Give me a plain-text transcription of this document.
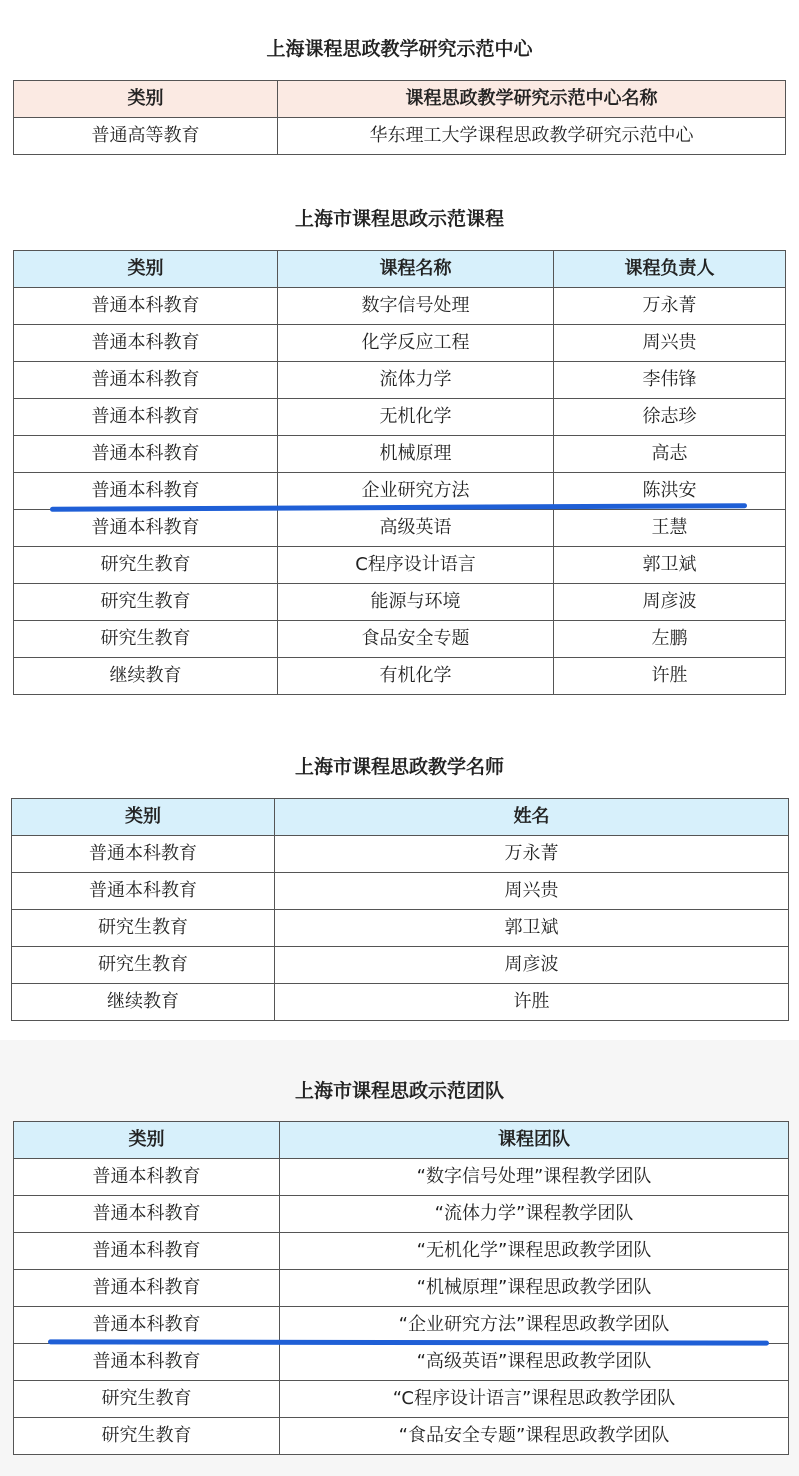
上海课程思政教学研究示范中心
类别	课程思政教学研究示范中心名称
普通高等教育	华东理工大学课程思政教学研究示范中心
上海市课程思政示范课程
类别	课程名称	课程负责人
普通本科教育	数字信号处理	万永菁
普通本科教育	化学反应工程	周兴贵
普通本科教育	流体力学	李伟锋
普通本科教育	无机化学	徐志珍
普通本科教育	机械原理	高志
普通本科教育	企业研究方法	陈洪安
普通本科教育	高级英语	王慧
研究生教育	C程序设计语言	郭卫斌
研究生教育	能源与环境	周彦波
研究生教育	食品安全专题	左鹏
继续教育	有机化学	许胜
上海市课程思政教学名师
类别	姓名
普通本科教育	万永菁
普通本科教育	周兴贵
研究生教育	郭卫斌
研究生教育	周彦波
继续教育	许胜
上海市课程思政示范团队
类别	课程团队
普通本科教育	“数字信号处理”课程教学团队
普通本科教育	“流体力学”课程教学团队
普通本科教育	“无机化学”课程思政教学团队
普通本科教育	“机械原理”课程思政教学团队
普通本科教育	“企业研究方法”课程思政教学团队
普通本科教育	“高级英语”课程思政教学团队
研究生教育	“C程序设计语言”课程思政教学团队
研究生教育	“食品安全专题”课程思政教学团队
